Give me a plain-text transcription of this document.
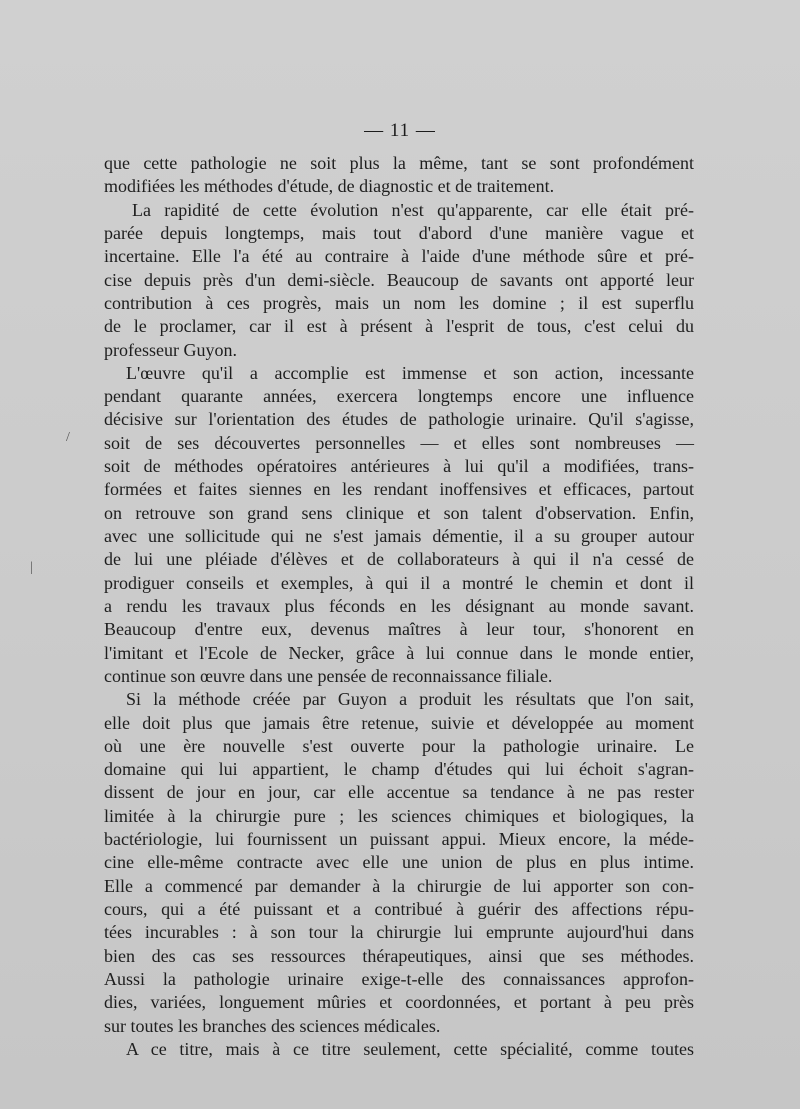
— 11 —
/
|
que cette pathologie ne soit plus la même, tant se sont profondément
modifiées les méthodes d'étude, de diagnostic et de traitement.
La rapidité de cette évolution n'est qu'apparente, car elle était pré-
parée depuis longtemps, mais tout d'abord d'une manière vague et
incertaine. Elle l'a été au contraire à l'aide d'une méthode sûre et pré-
cise depuis près d'un demi-siècle. Beaucoup de savants ont apporté leur
contribution à ces progrès, mais un nom les domine ; il est superflu
de le proclamer, car il est à présent à l'esprit de tous, c'est celui du
professeur Guyon.
L'œuvre qu'il a accomplie est immense et son action, incessante
pendant quarante années, exercera longtemps encore une influence
décisive sur l'orientation des études de pathologie urinaire. Qu'il s'agisse,
soit de ses découvertes personnelles — et elles sont nombreuses —
soit de méthodes opératoires antérieures à lui qu'il a modifiées, trans-
formées et faites siennes en les rendant inoffensives et efficaces, partout
on retrouve son grand sens clinique et son talent d'observation. Enfin,
avec une sollicitude qui ne s'est jamais démentie, il a su grouper autour
de lui une pléiade d'élèves et de collaborateurs à qui il n'a cessé de
prodiguer conseils et exemples, à qui il a montré le chemin et dont il
a rendu les travaux plus féconds en les désignant au monde savant.
Beaucoup d'entre eux, devenus maîtres à leur tour, s'honorent en
l'imitant et l'Ecole de Necker, grâce à lui connue dans le monde entier,
continue son œuvre dans une pensée de reconnaissance filiale.
Si la méthode créée par Guyon a produit les résultats que l'on sait,
elle doit plus que jamais être retenue, suivie et développée au moment
où une ère nouvelle s'est ouverte pour la pathologie urinaire. Le
domaine qui lui appartient, le champ d'études qui lui échoit s'agran-
dissent de jour en jour, car elle accentue sa tendance à ne pas rester
limitée à la chirurgie pure ; les sciences chimiques et biologiques, la
bactériologie, lui fournissent un puissant appui. Mieux encore, la méde-
cine elle-même contracte avec elle une union de plus en plus intime.
Elle a commencé par demander à la chirurgie de lui apporter son con-
cours, qui a été puissant et a contribué à guérir des affections répu-
tées incurables : à son tour la chirurgie lui emprunte aujourd'hui dans
bien des cas ses ressources thérapeutiques, ainsi que ses méthodes.
Aussi la pathologie urinaire exige-t-elle des connaissances approfon-
dies, variées, longuement mûries et coordonnées, et portant à peu près
sur toutes les branches des sciences médicales.
A ce titre, mais à ce titre seulement, cette spécialité, comme toutes
